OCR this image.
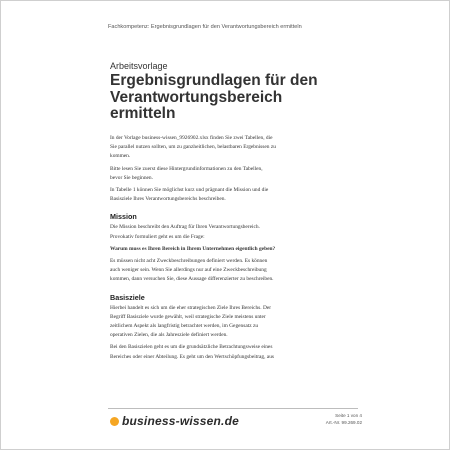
Fachkompetenz: Ergebnisgrundlagen für den Verantwortungsbereich ermitteln

Arbeitsvorlage

Ergebnisgrundlagen für den
Verantwortungsbereich
ermitteln

In der Vorlage business-wissen_9926902.xlsx finden Sie zwei Tabellen, die
Sie parallel nutzen sollten, um zu ganzheitlichen, belastbaren Ergebnissen zu
kommen.

Bitte lesen Sie zuerst diese Hintergrundinformationen zu den Tabellen,
bevor Sie beginnen.

In Tabelle 1 können Sie möglichst kurz und prägnant die Mission und die
Basisziele Ihres Verantwortungsbereichs beschreiben.

Mission

Die Mission beschreibt den Auftrag für Ihren Verantwortungsbereich.
Provokativ formuliert geht es um die Frage:

Warum muss es Ihren Bereich in Ihrem Unternehmen eigentlich geben?

Es müssen nicht acht Zweckbeschreibungen definiert werden. Es können
auch weniger sein. Wenn Sie allerdings nur auf eine Zweckbeschreibung
kommen, dann versuchen Sie, diese Aussage differenzierter zu beschreiben.

Basisziele

Hierbei handelt es sich um die eher strategischen Ziele Ihres Bereichs. Der
Begriff Basisziele wurde gewählt, weil strategische Ziele meistens unter
zeitlichem Aspekt als langfristig betrachtet werden, im Gegensatz zu
operativen Zielen, die als Jahresziele definiert werden.

Bei den Basiszielen geht es um die grundsätzliche Betrachtungsweise eines
Bereiches oder einer Abteilung. Es geht um den Wertschöpfungsbeitrag, aus

business-wissen.de	Seite 1 von 4
Art.-Nr. 99.269.02
